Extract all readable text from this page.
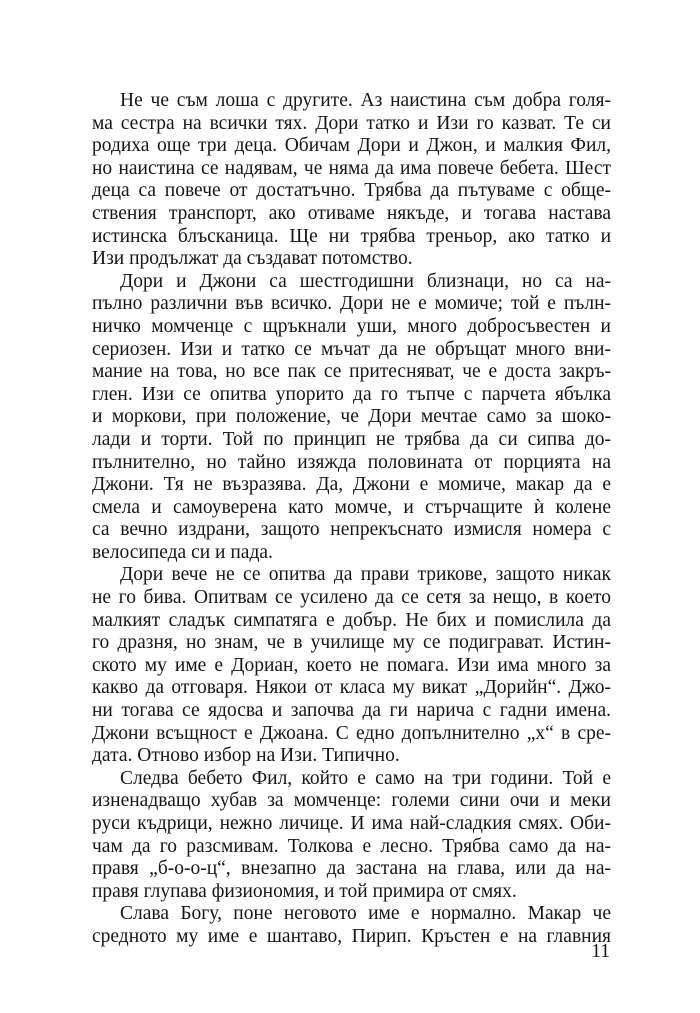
Не че съм лоша с другите. Аз наистина съм добра голя-
ма сестра на всички тях. Дори татко и Изи го казват. Те си
родиха още три деца. Обичам Дори и Джон, и малкия Фил,
но наистина се надявам, че няма да има повече бебета. Шест
деца са повече от достатъчно. Трябва да пътуваме с обще-
ствения транспорт, ако отиваме някъде, и тогава настава
истинска блъсканица. Ще ни трябва треньор, ако татко и
Изи продължат да създават потомство.
Дори и Джони са шестгодишни близнаци, но са на-
пълно различни във всичко. Дори не е момиче; той е пълн-
ничко момченце с щръкнали уши, много добросъвестен и
сериозен. Изи и татко се мъчат да не обръщат много вни-
мание на това, но все пак се притесняват, че е доста закръ-
глен. Изи се опитва упорито да го тъпче с парчета ябълка
и моркови, при положение, че Дори мечтае само за шоко-
лади и торти. Той по принцип не трябва да си сипва до-
пълнително, но тайно изяжда половината от порцията на
Джони. Тя не възразява. Да, Джони е момиче, макар да е
смела и самоуверена като момче, и стърчащите ѝ колене
са вечно издрани, защото непрекъснато измисля номера с
велосипеда си и пада.
Дори вече не се опитва да прави трикове, защото никак
не го бива. Опитвам се усилено да се сетя за нещо, в което
малкият сладък симпатяга е добър. Не бих и помислила да
го дразня, но знам, че в училище му се подиграват. Истин-
ското му име е Дориан, което не помага. Изи има много за
какво да отговаря. Някои от класа му викат „Дорийн“. Джо-
ни тогава се ядосва и започва да ги нарича с гадни имена.
Джони всъщност е Джоана. С едно допълнително „х“ в сре-
дата. Отново избор на Изи. Типично.
Следва бебето Фил, който е само на три години. Той е
изненадващо хубав за момченце: големи сини очи и меки
руси къдрици, нежно личице. И има най-сладкия смях. Оби-
чам да го разсмивам. Толкова е лесно. Трябва само да на-
правя „б-о-о-ц“, внезапно да застана на глава, или да на-
правя глупава физиономия, и той примира от смях.
Слава Богу, поне неговото име е нормално. Макар че
средното му име е шантаво, Пирип. Кръстен е на главния
11
